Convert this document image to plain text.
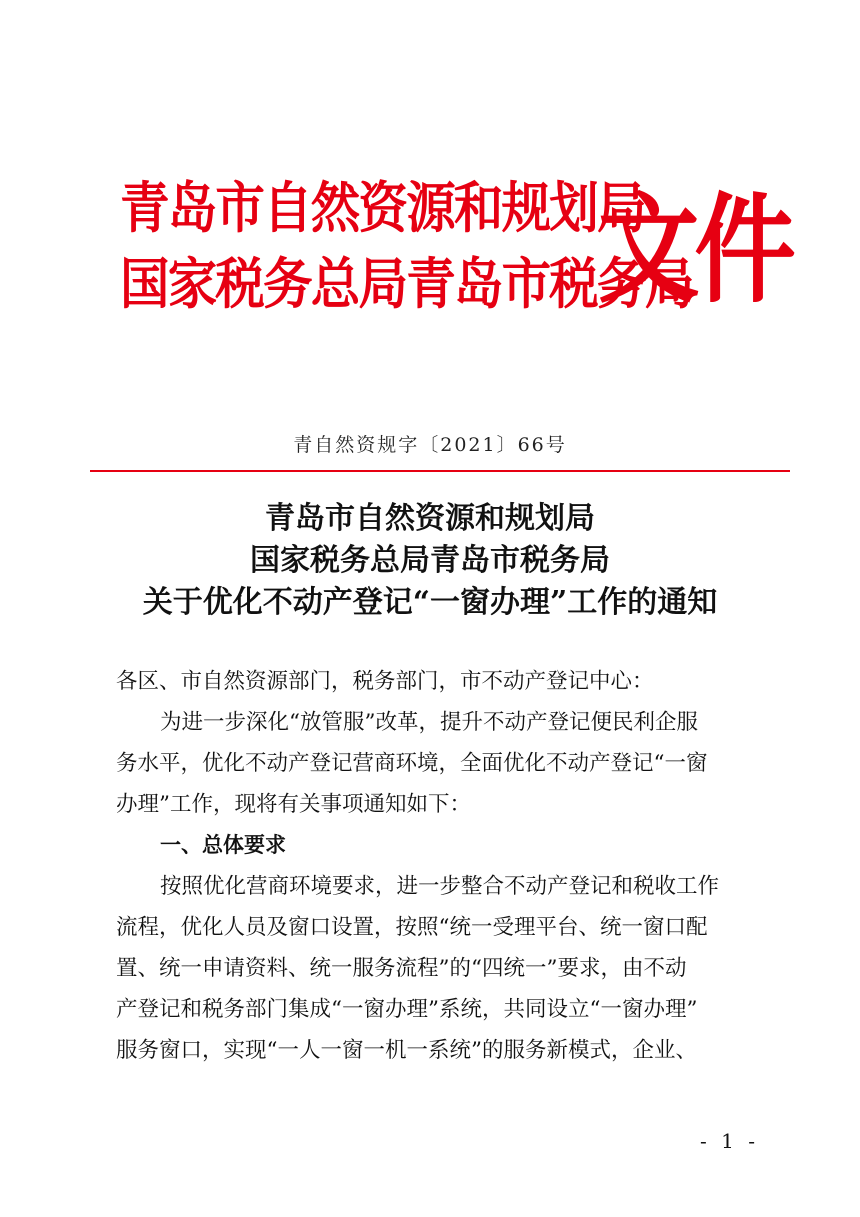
青岛市自然资源和规划局
国家税务总局青岛市税务局
文件
青自然资规字〔2021〕66号
青岛市自然资源和规划局
国家税务总局青岛市税务局
关于优化不动产登记“一窗办理”工作的通知

各区、市自然资源部门，税务部门，市不动产登记中心：

为进一步深化“放管服”改革，提升不动产登记便民利企服

务水平，优化不动产登记营商环境，全面优化不动产登记“一窗

办理”工作，现将有关事项通知如下：

一、总体要求

按照优化营商环境要求，进一步整合不动产登记和税收工作

流程，优化人员及窗口设置，按照“统一受理平台、统一窗口配

置、统一申请资料、统一服务流程”的“四统一”要求，由不动

产登记和税务部门集成“一窗办理”系统，共同设立“一窗办理”

服务窗口，实现“一人一窗一机一系统”的服务新模式，企业、

- 1 -
